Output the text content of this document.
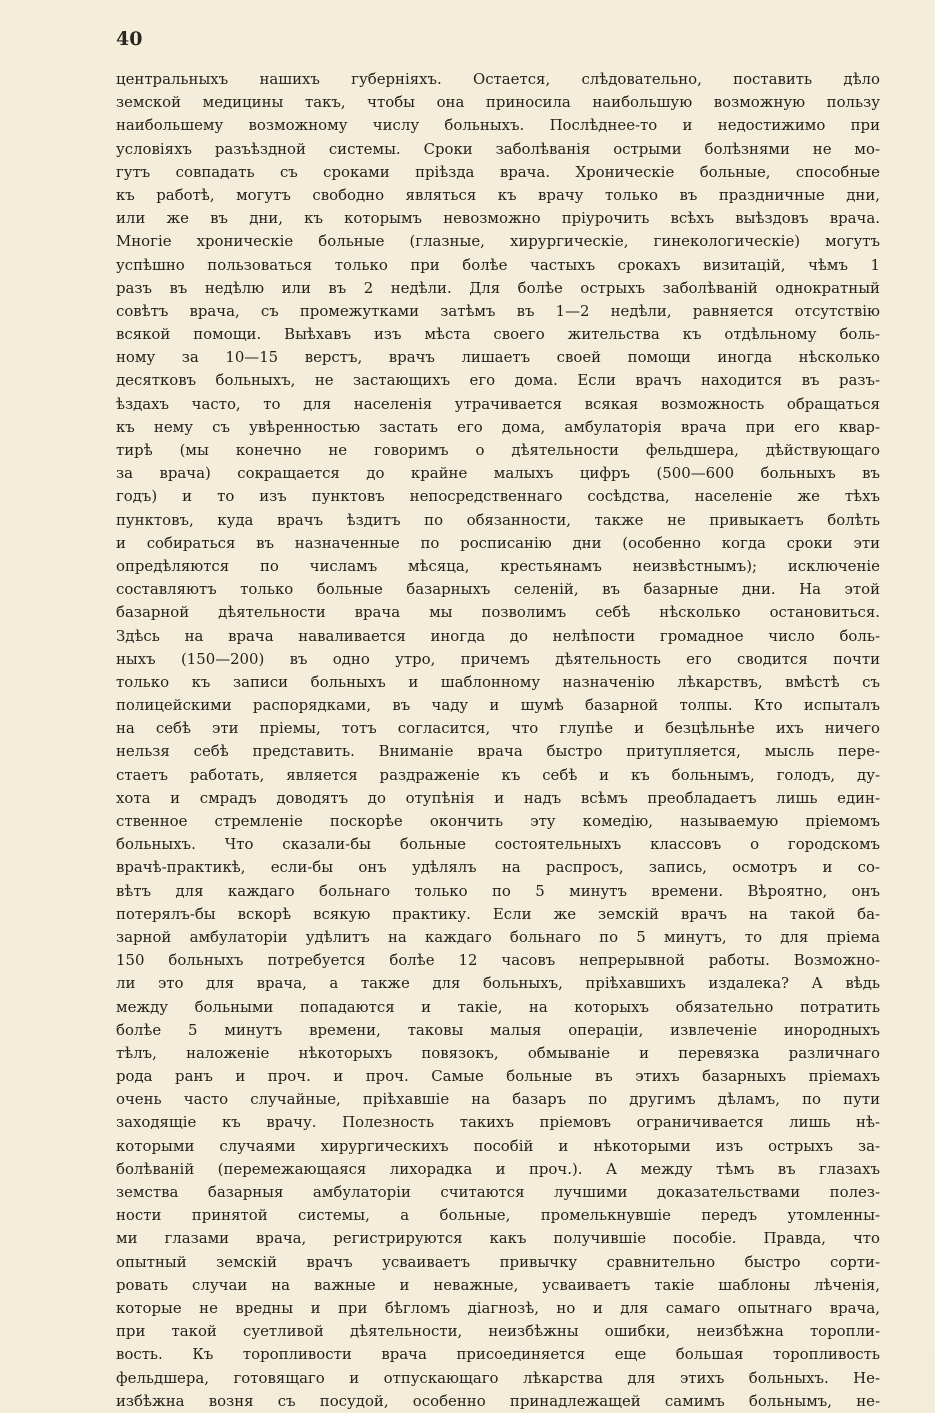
40
центральныхъ нашихъ губерніяхъ. Остается, слѣдовательно, поставить дѣло
земской медицины такъ, чтобы она приносила наибольшую возможную пользу
наибольшему возможному числу больныхъ. Послѣднее-то и недостижимо при
условіяхъ разъѣздной системы. Сроки заболѣванія острыми болѣзнями не мо-
гутъ совпадать съ сроками пріѣзда врача. Хроническіе больные, способные
къ работѣ, могутъ свободно являться къ врачу только въ праздничные дни,
или же въ дни, къ которымъ невозможно пріурочить всѣхъ выѣздовъ врача.
Многіе хроническіе больные (глазные, хирургическіе, гинекологическіе) могутъ
успѣшно пользоваться только при болѣе частыхъ срокахъ визитацій, чѣмъ 1
разъ въ недѣлю или въ 2 недѣли. Для болѣе острыхъ заболѣваній однократный
совѣтъ врача, съ промежутками затѣмъ въ 1—2 недѣли, равняется отсутствію
всякой помощи. Выѣхавъ изъ мѣста своего жительства къ отдѣльному боль-
ному за 10—15 верстъ, врачъ лишаетъ своей помощи иногда нѣсколько
десятковъ больныхъ, не застающихъ его дома. Если врачъ находится въ разъ-
ѣздахъ часто, то для населенія утрачивается всякая возможность обращаться
къ нему съ увѣренностью застать его дома, амбулаторія врача при его квар-
тирѣ (мы конечно не говоримъ о дѣятельности фельдшера, дѣйствующаго
за врача) сокращается до крайне малыхъ цифръ (500—600 больныхъ въ
годъ) и то изъ пунктовъ непосредственнаго сосѣдства, населеніе же тѣхъ
пунктовъ, куда врачъ ѣздитъ по обязанности, также не привыкаетъ болѣть
и собираться въ назначенные по росписанію дни (особенно когда сроки эти
опредѣляются по числамъ мѣсяца, крестьянамъ неизвѣстнымъ); исключеніе
составляютъ только больные базарныхъ селеній, въ базарные дни. На этой
базарной дѣятельности врача мы позволимъ себѣ нѣсколько остановиться.
Здѣсь на врача наваливается иногда до нелѣпости громадное число боль-
ныхъ (150—200) въ одно утро, причемъ дѣятельность его сводится почти
только къ записи больныхъ и шаблонному назначенію лѣкарствъ, вмѣстѣ съ
полицейскими распорядками, въ чаду и шумѣ базарной толпы. Кто испыталъ
на себѣ эти пріемы, тотъ согласится, что глупѣе и безцѣльнѣе ихъ ничего
нельзя себѣ представить. Вниманіе врача быстро притупляется, мысль пере-
стаетъ работать, является раздраженіе къ себѣ и къ больнымъ, голодъ, ду-
хота и смрадъ доводятъ до отупѣнія и надъ всѣмъ преобладаетъ лишь един-
ственное стремленіе поскорѣе окончить эту комедію, называемую пріемомъ
больныхъ. Что сказали-бы больные состоятельныхъ классовъ о городскомъ
врачѣ-практикѣ, если-бы онъ удѣлялъ на распросъ, запись, осмотръ и со-
вѣтъ для каждаго больнаго только по 5 минутъ времени. Вѣроятно, онъ
потерялъ-бы вскорѣ всякую практику. Если же земскій врачъ на такой ба-
зарной амбулаторіи удѣлитъ на каждаго больнаго по 5 минутъ, то для пріема
150 больныхъ потребуется болѣе 12 часовъ непрерывной работы. Возможно-
ли это для врача, а также для больныхъ, пріѣхавшихъ издалека? А вѣдь
между больными попадаются и такіе, на которыхъ обязательно потратить
болѣе 5 минутъ времени, таковы малыя операціи, извлеченіе инородныхъ
тѣлъ, наложеніе нѣкоторыхъ повязокъ, обмываніе и перевязка различнаго
рода ранъ и проч. и проч. Самые больные въ этихъ базарныхъ пріемахъ
очень часто случайные, пріѣхавшіе на базаръ по другимъ дѣламъ, по пути
заходящіе къ врачу. Полезность такихъ пріемовъ ограничивается лишь нѣ-
которыми случаями хирургическихъ пособій и нѣкоторыми изъ острыхъ за-
болѣваній (перемежающаяся лихорадка и проч.). А между тѣмъ въ глазахъ
земства базарныя амбулаторіи считаются лучшими доказательствами полез-
ности принятой системы, а больные, промелькнувшіе передъ утомленны-
ми глазами врача, регистрируются какъ получившіе пособіе. Правда, что
опытный земскій врачъ усваиваетъ привычку сравнительно быстро сорти-
ровать случаи на важные и неважные, усваиваетъ такіе шаблоны лѣченія,
которые не вредны и при бѣгломъ діагнозѣ, но и для самаго опытнаго врача,
при такой суетливой дѣятельности, неизбѣжны ошибки, неизбѣжна торопли-
вость. Къ торопливости врача присоединяется еще большая торопливость
фельдшера, готовящаго и отпускающаго лѣкарства для этихъ больныхъ. Не-
избѣжна возня съ посудой, особенно принадлежащей самимъ больнымъ, не-
